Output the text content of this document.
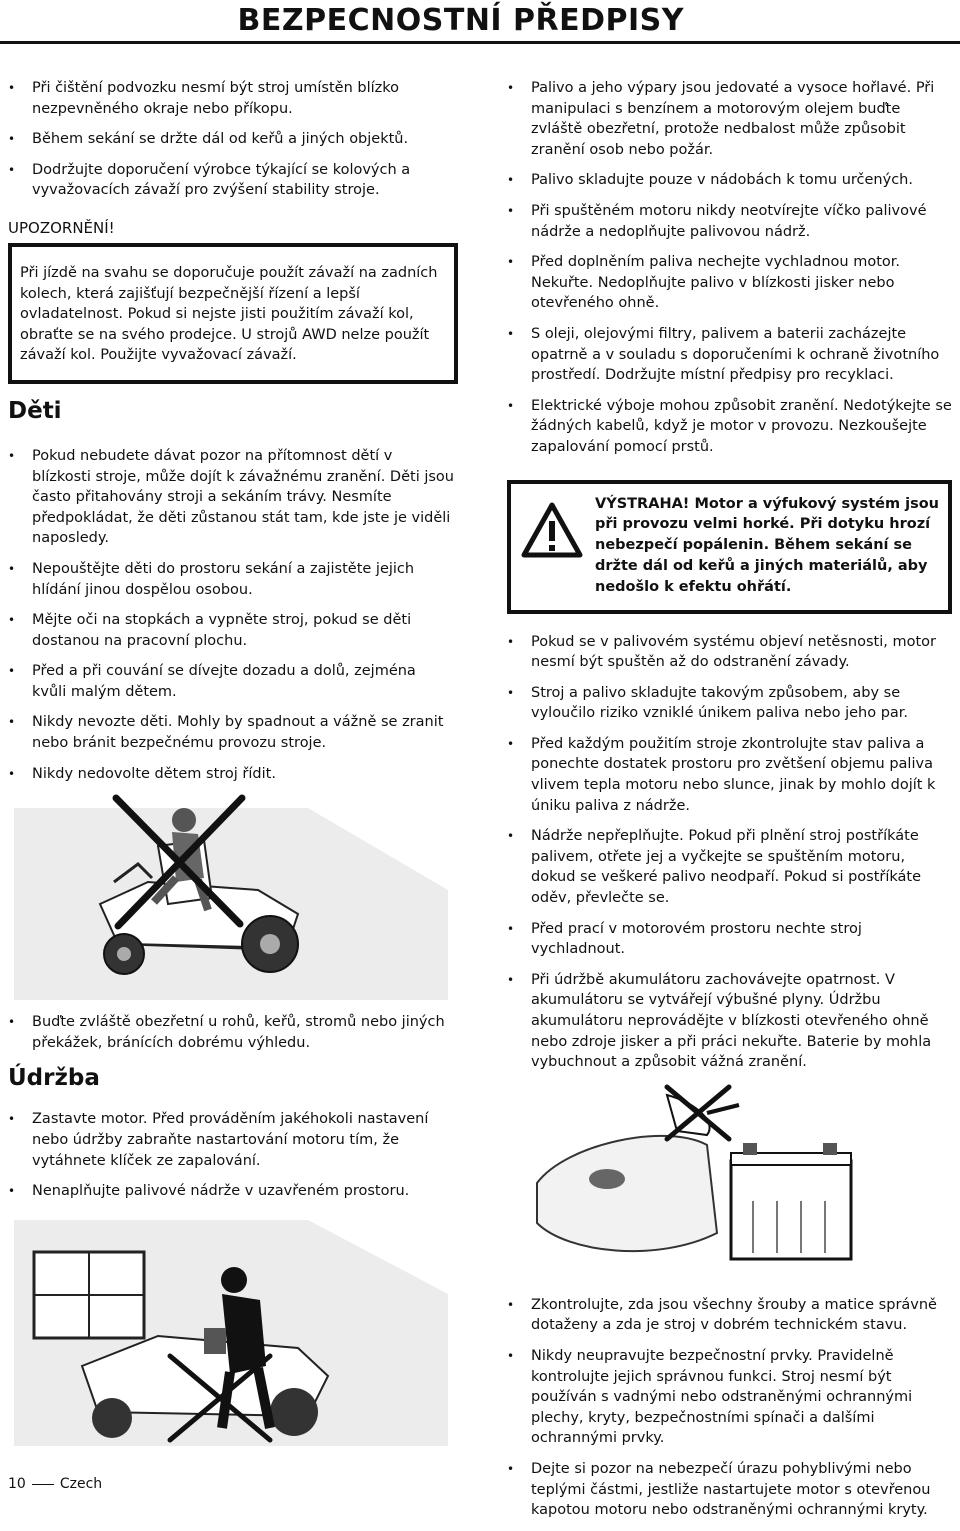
BEZPECNOSTNÍ PŘEDPISY
• Při čištění podvozku nesmí být stroj umístěn blízko nezpevněného okraje nebo příkopu.
• Během sekání se držte dál od keřů a jiných objektů.
• Dodržujte doporučení výrobce týkající se kolových a vyvažovacích závaží pro zvýšení stability stroje.
UPOZORNĚNÍ!
Při jízdě na svahu se doporučuje použít závaží na zadních kolech, která zajišťují bezpečnější řízení a lepší ovladatelnost. Pokud si nejste jisti použitím závaží kol, obraťte se na svého prodejce. U strojů AWD nelze použít závaží kol. Použijte vyvažovací závaží.
Děti
• Pokud nebudete dávat pozor na přítomnost dětí v blízkosti stroje, může dojít k závažnému zranění. Děti jsou často přitahovány stroji a sekáním trávy. Nesmíte předpokládat, že děti zůstanou stát tam, kde jste je viděli naposledy.
• Nepouštějte děti do prostoru sekání a zajistěte jejich hlídání jinou dospělou osobou.
• Mějte oči na stopkách a vypněte stroj, pokud se děti dostanou na pracovní plochu.
• Před a při couvání se dívejte dozadu a dolů, zejména kvůli malým dětem.
• Nikdy nevozte děti. Mohly by spadnout a vážně se zranit nebo bránit bezpečnému provozu stroje.
• Nikdy nedovolte dětem stroj řídit.
• Buďte zvláště obezřetní u rohů, keřů, stromů nebo jiných překážek, bránících dobrému výhledu.
Údržba
• Zastavte motor. Před prováděním jakéhokoli nastavení nebo údržby zabraňte nastartování motoru tím, že vytáhnete klíček ze zapalování.
• Nenaplňujte palivové nádrže v uzavřeném prostoru.
• Palivo a jeho výpary jsou jedovaté a vysoce hořlavé. Při manipulaci s benzínem a motorovým olejem buďte zvláště obezřetní, protože nedbalost může způsobit zranění osob nebo požár.
• Palivo skladujte pouze v nádobách k tomu určených.
• Při spuštěném motoru nikdy neotvírejte víčko palivové nádrže a nedoplňujte palivovou nádrž.
• Před doplněním paliva nechejte vychladnou motor. Nekuřte. Nedoplňujte palivo v blízkosti jisker nebo otevřeného ohně.
• S oleji, olejovými filtry, palivem a baterii zacházejte opatrně a v souladu s doporučeními k ochraně životního prostředí. Dodržujte místní předpisy pro recyklaci.
• Elektrické výboje mohou způsobit zranění. Nedotýkejte se žádných kabelů, když je motor v provozu. Nezkoušejte zapalování pomocí prstů.
VÝSTRAHA! Motor a výfukový systém jsou při provozu velmi horké. Při dotyku hrozí nebezpečí popálenin. Během sekání se držte dál od keřů a jiných materiálů, aby nedošlo k efektu ohřátí.
• Pokud se v palivovém systému objeví netěsnosti, motor nesmí být spuštěn až do odstranění závady.
• Stroj a palivo skladujte takovým způsobem, aby se vyloučilo riziko vzniklé únikem paliva nebo jeho par.
• Před každým použitím stroje zkontrolujte stav paliva a ponechte dostatek prostoru pro zvětšení objemu paliva vlivem tepla motoru nebo slunce, jinak by mohlo dojít k úniku paliva z nádrže.
• Nádrže nepřeplňujte. Pokud při plnění stroj postříkáte palivem, otřete jej a vyčkejte se spuštěním motoru, dokud se veškeré palivo neodpaří. Pokud si postříkáte oděv, převlečte se.
• Před prací v motorovém prostoru nechte stroj vychladnout.
• Při údržbě akumulátoru zachovávejte opatrnost. V akumulátoru se vytvářejí výbušné plyny. Údržbu akumulátoru neprovádějte v blízkosti otevřeného ohně nebo zdroje jisker a při práci nekuřte. Baterie by mohla vybuchnout a způsobit vážná zranění.
• Zkontrolujte, zda jsou všechny šrouby a matice správně dotaženy a zda je stroj v dobrém technickém stavu.
• Nikdy neupravujte bezpečnostní prvky. Pravidelně kontrolujte jejich správnou funkci. Stroj nesmí být používán s vadnými nebo odstraněnými ochrannými plechy, kryty, bezpečnostními spínači a dalšími ochrannými prvky.
• Dejte si pozor na nebezpečí úrazu pohyblivými nebo teplými částmi, jestliže nastartujete motor s otevřenou kapotou motoru nebo odstraněnými ochrannými kryty.
10 Czech
